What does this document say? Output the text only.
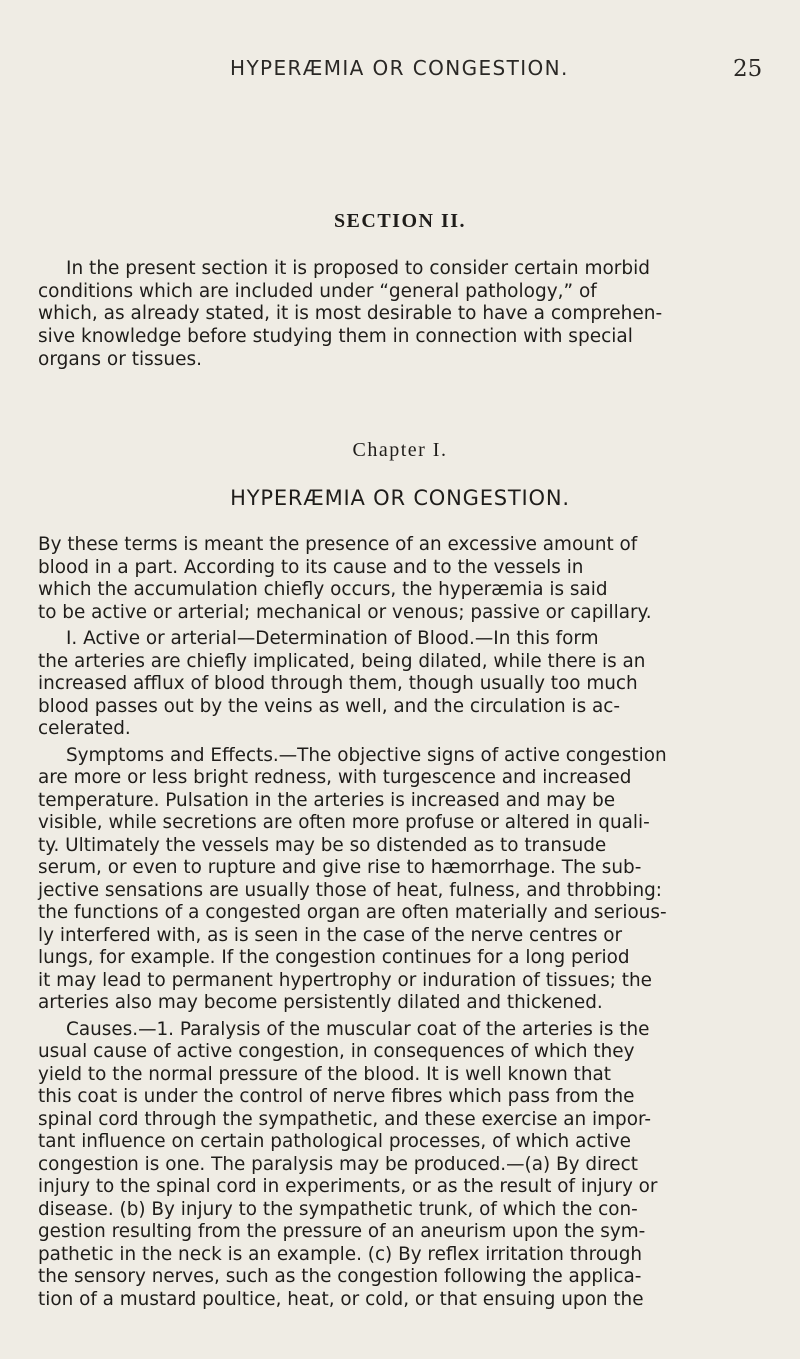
HYPERÆMIA OR CONGESTION.	25
SECTION II.
In the present section it is proposed to consider certain morbid
conditions which are included under “general pathology,” of
which, as already stated, it is most desirable to have a comprehen-
sive knowledge before studying them in connection with special
organs or tissues.
Chapter I.
HYPERÆMIA OR CONGESTION.
By these terms is meant the presence of an excessive amount of
blood in a part. According to its cause and to the vessels in
which the accumulation chiefly occurs, the hyperæmia is said
to be active or arterial; mechanical or venous; passive or capillary.
I. Active or arterial—Determination of Blood.—In this form
the arteries are chiefly implicated, being dilated, while there is an
increased afflux of blood through them, though usually too much
blood passes out by the veins as well, and the circulation is ac-
celerated.
Symptoms and Effects.—The objective signs of active congestion
are more or less bright redness, with turgescence and increased
temperature. Pulsation in the arteries is increased and may be
visible, while secretions are often more profuse or altered in quali-
ty. Ultimately the vessels may be so distended as to transude
serum, or even to rupture and give rise to hæmorrhage. The sub-
jective sensations are usually those of heat, fulness, and throbbing:
the functions of a congested organ are often materially and serious-
ly interfered with, as is seen in the case of the nerve centres or
lungs, for example. If the congestion continues for a long period
it may lead to permanent hypertrophy or induration of tissues; the
arteries also may become persistently dilated and thickened.
Causes.—1. Paralysis of the muscular coat of the arteries is the
usual cause of active congestion, in consequences of which they
yield to the normal pressure of the blood. It is well known that
this coat is under the control of nerve fibres which pass from the
spinal cord through the sympathetic, and these exercise an impor-
tant influence on certain pathological processes, of which active
congestion is one. The paralysis may be produced.—(a) By direct
injury to the spinal cord in experiments, or as the result of injury or
disease. (b) By injury to the sympathetic trunk, of which the con-
gestion resulting from the pressure of an aneurism upon the sym-
pathetic in the neck is an example. (c) By reflex irritation through
the sensory nerves, such as the congestion following the applica-
tion of a mustard poultice, heat, or cold, or that ensuing upon the
